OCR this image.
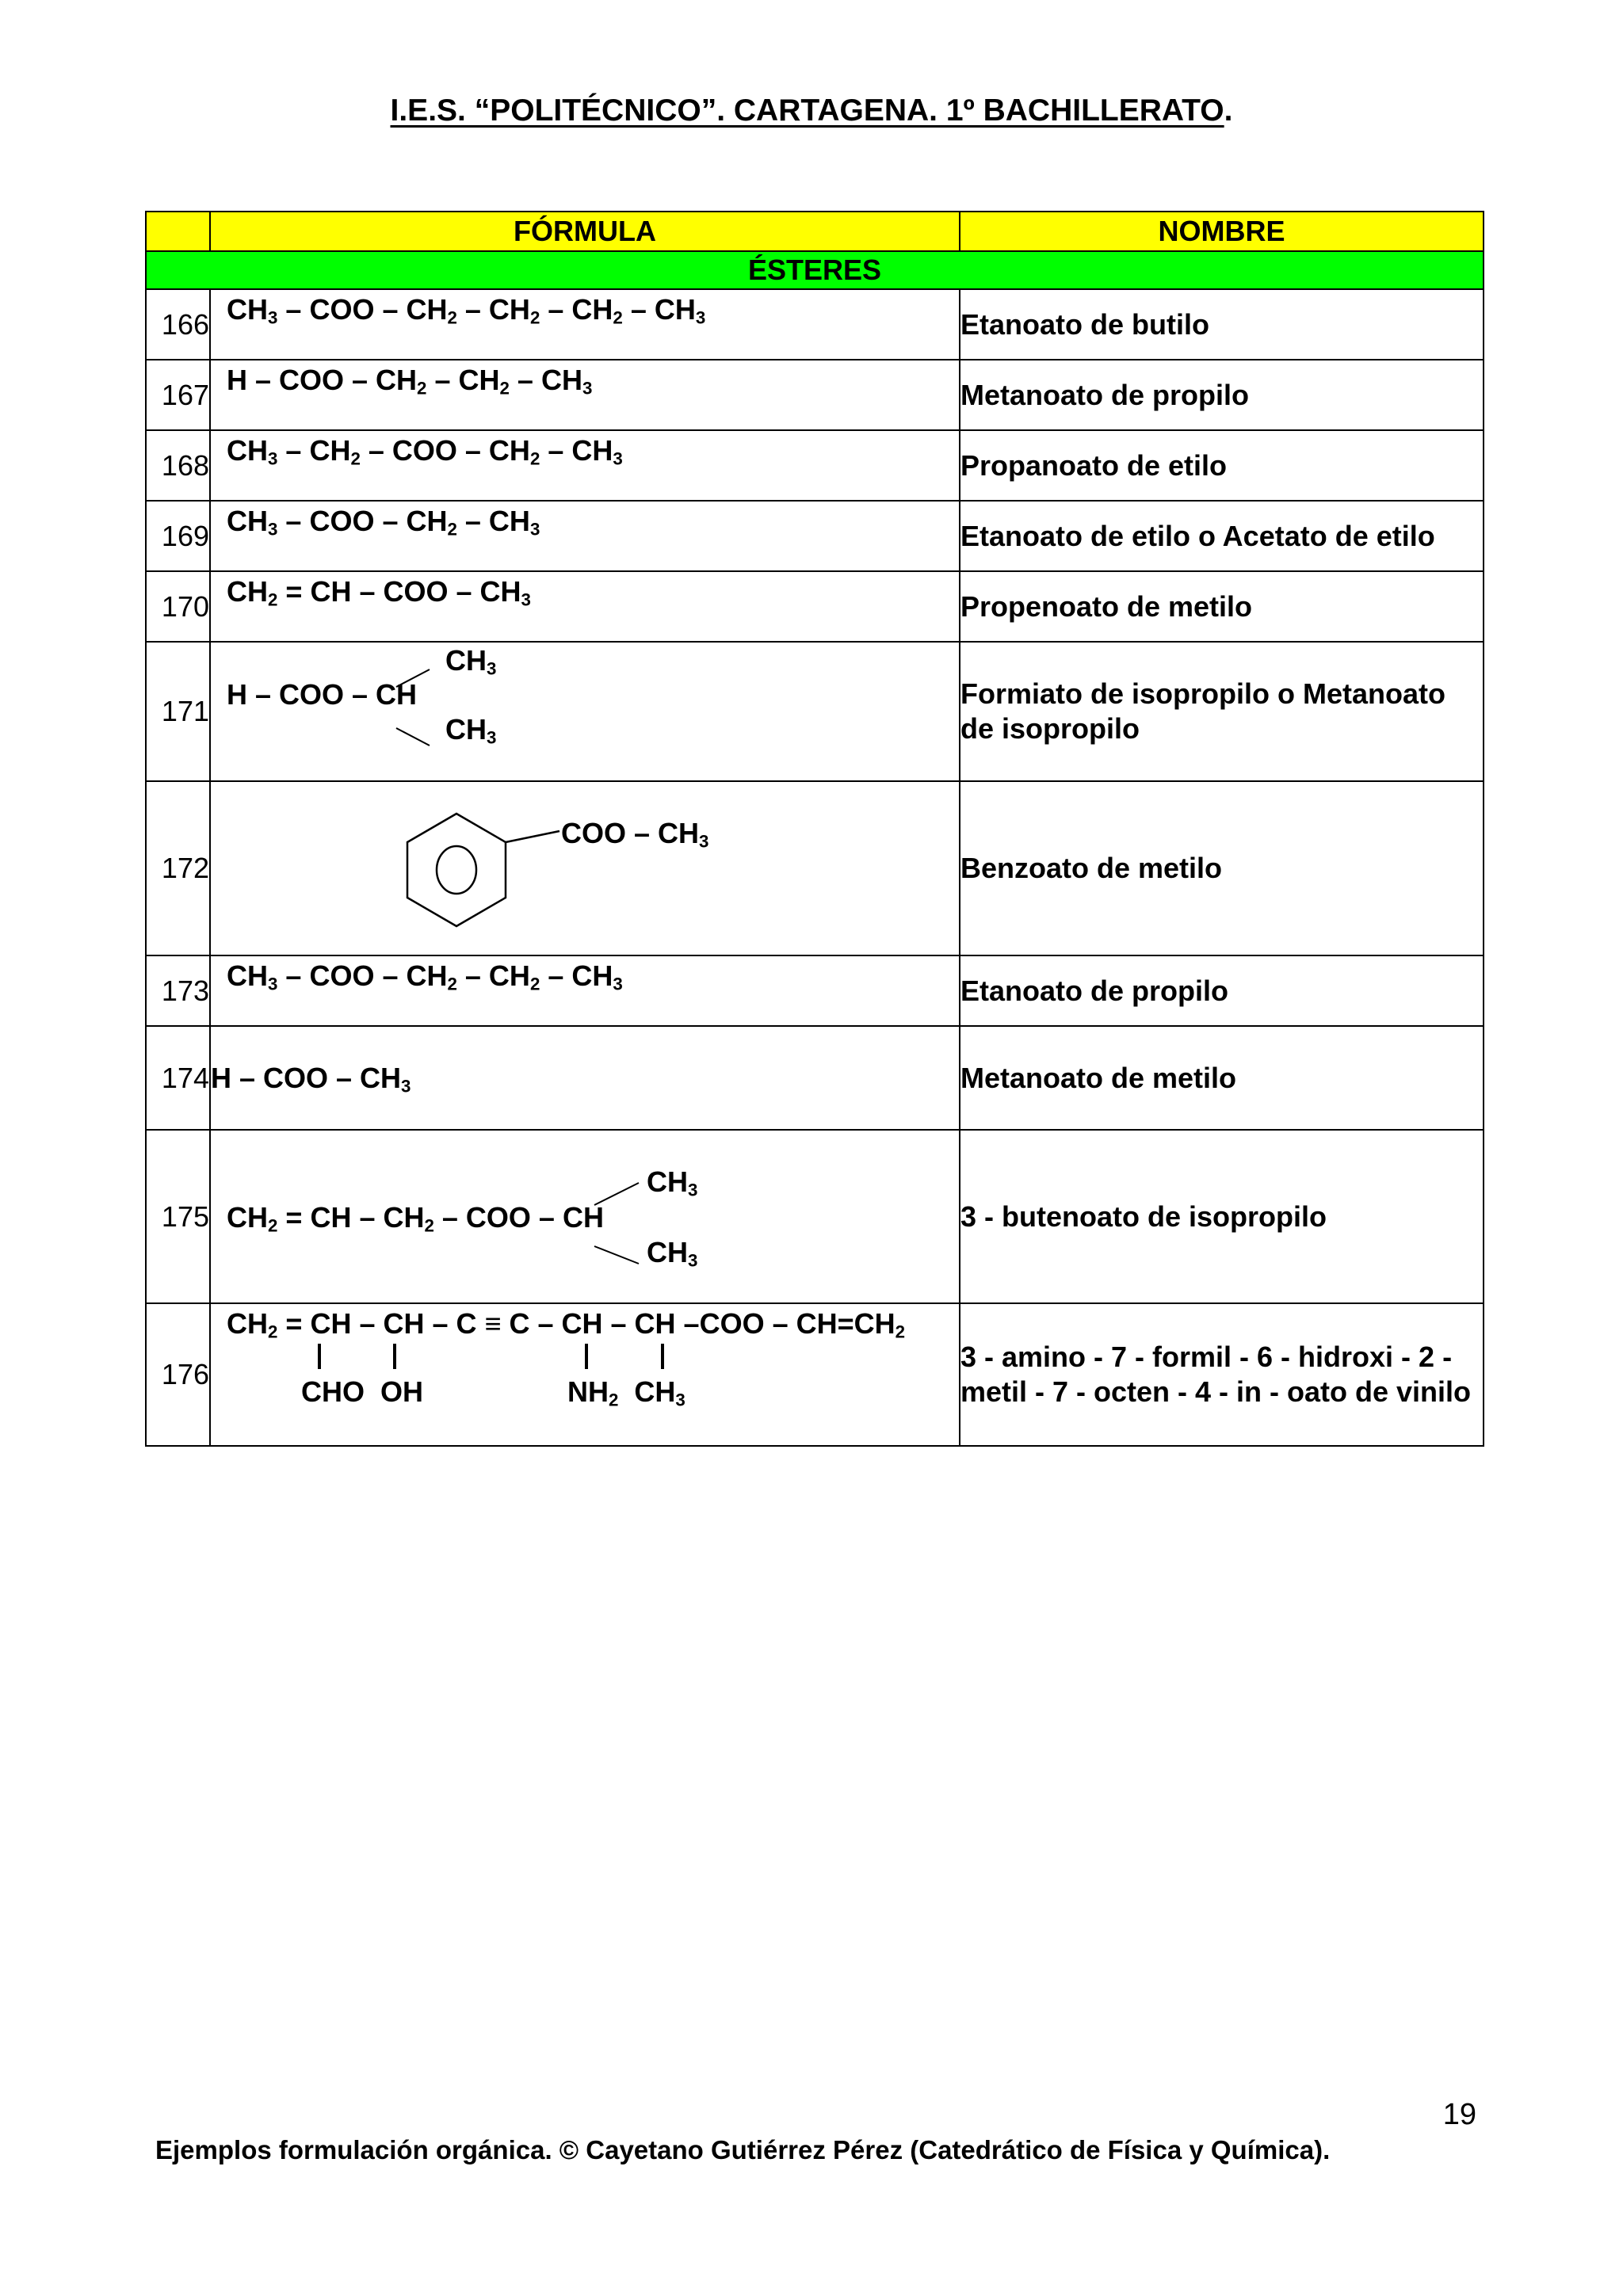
I.E.S. “POLITÉCNICO”. CARTAGENA. 1º BACHILLERATO.
	FÓRMULA	NOMBRE
ÉSTERES		

166	$CH_3$ – COO – $CH_2 - CH_2 - CH_2 - CH_3$	Etanoato de butilo

167	H – COO – $CH_2 - CH_2 - CH_3$	Metanoato de propilo

168	$CH_3 - CH_2$ – COO – $CH_2 - CH_3$	Propanoato de etilo

169	$CH_3$ – COO – $CH_2 - CH_3$	Etanoato de etilo o Acetato de etilo

170	$CH_2$ = CH – COO – $CH_3$	Propenoato de metilo

171	$CH_3$
H – COO – CH
$CH_3$	Formiato de isopropilo o Metanoato de isopropilo

172	COO – $CH_3$	Benzoato de metilo

173	$CH_3$ – COO – $CH_2 - CH_2 - CH_3$	Etanoato de propilo

174	H – COO – $CH_3$	Metanoato de metilo

175	$CH_3$
$CH_2$ = CH – $CH_2$ – COO – CH
$CH_3$	3 - butenoato de isopropilo

176	$CH_2$ = CH – CH – C ≡ C – CH – CH $-COO - CH=CH_2$
CHO  OH $NH_2$  $CH_3$	3 - amino - 7 - formil - 6 - hidroxi - 2 - metil - 7 - octen - 4 - in - oato de vinilo
19
Ejemplos formulación orgánica. © Cayetano Gutiérrez Pérez (Catedrático de Física y Química).
